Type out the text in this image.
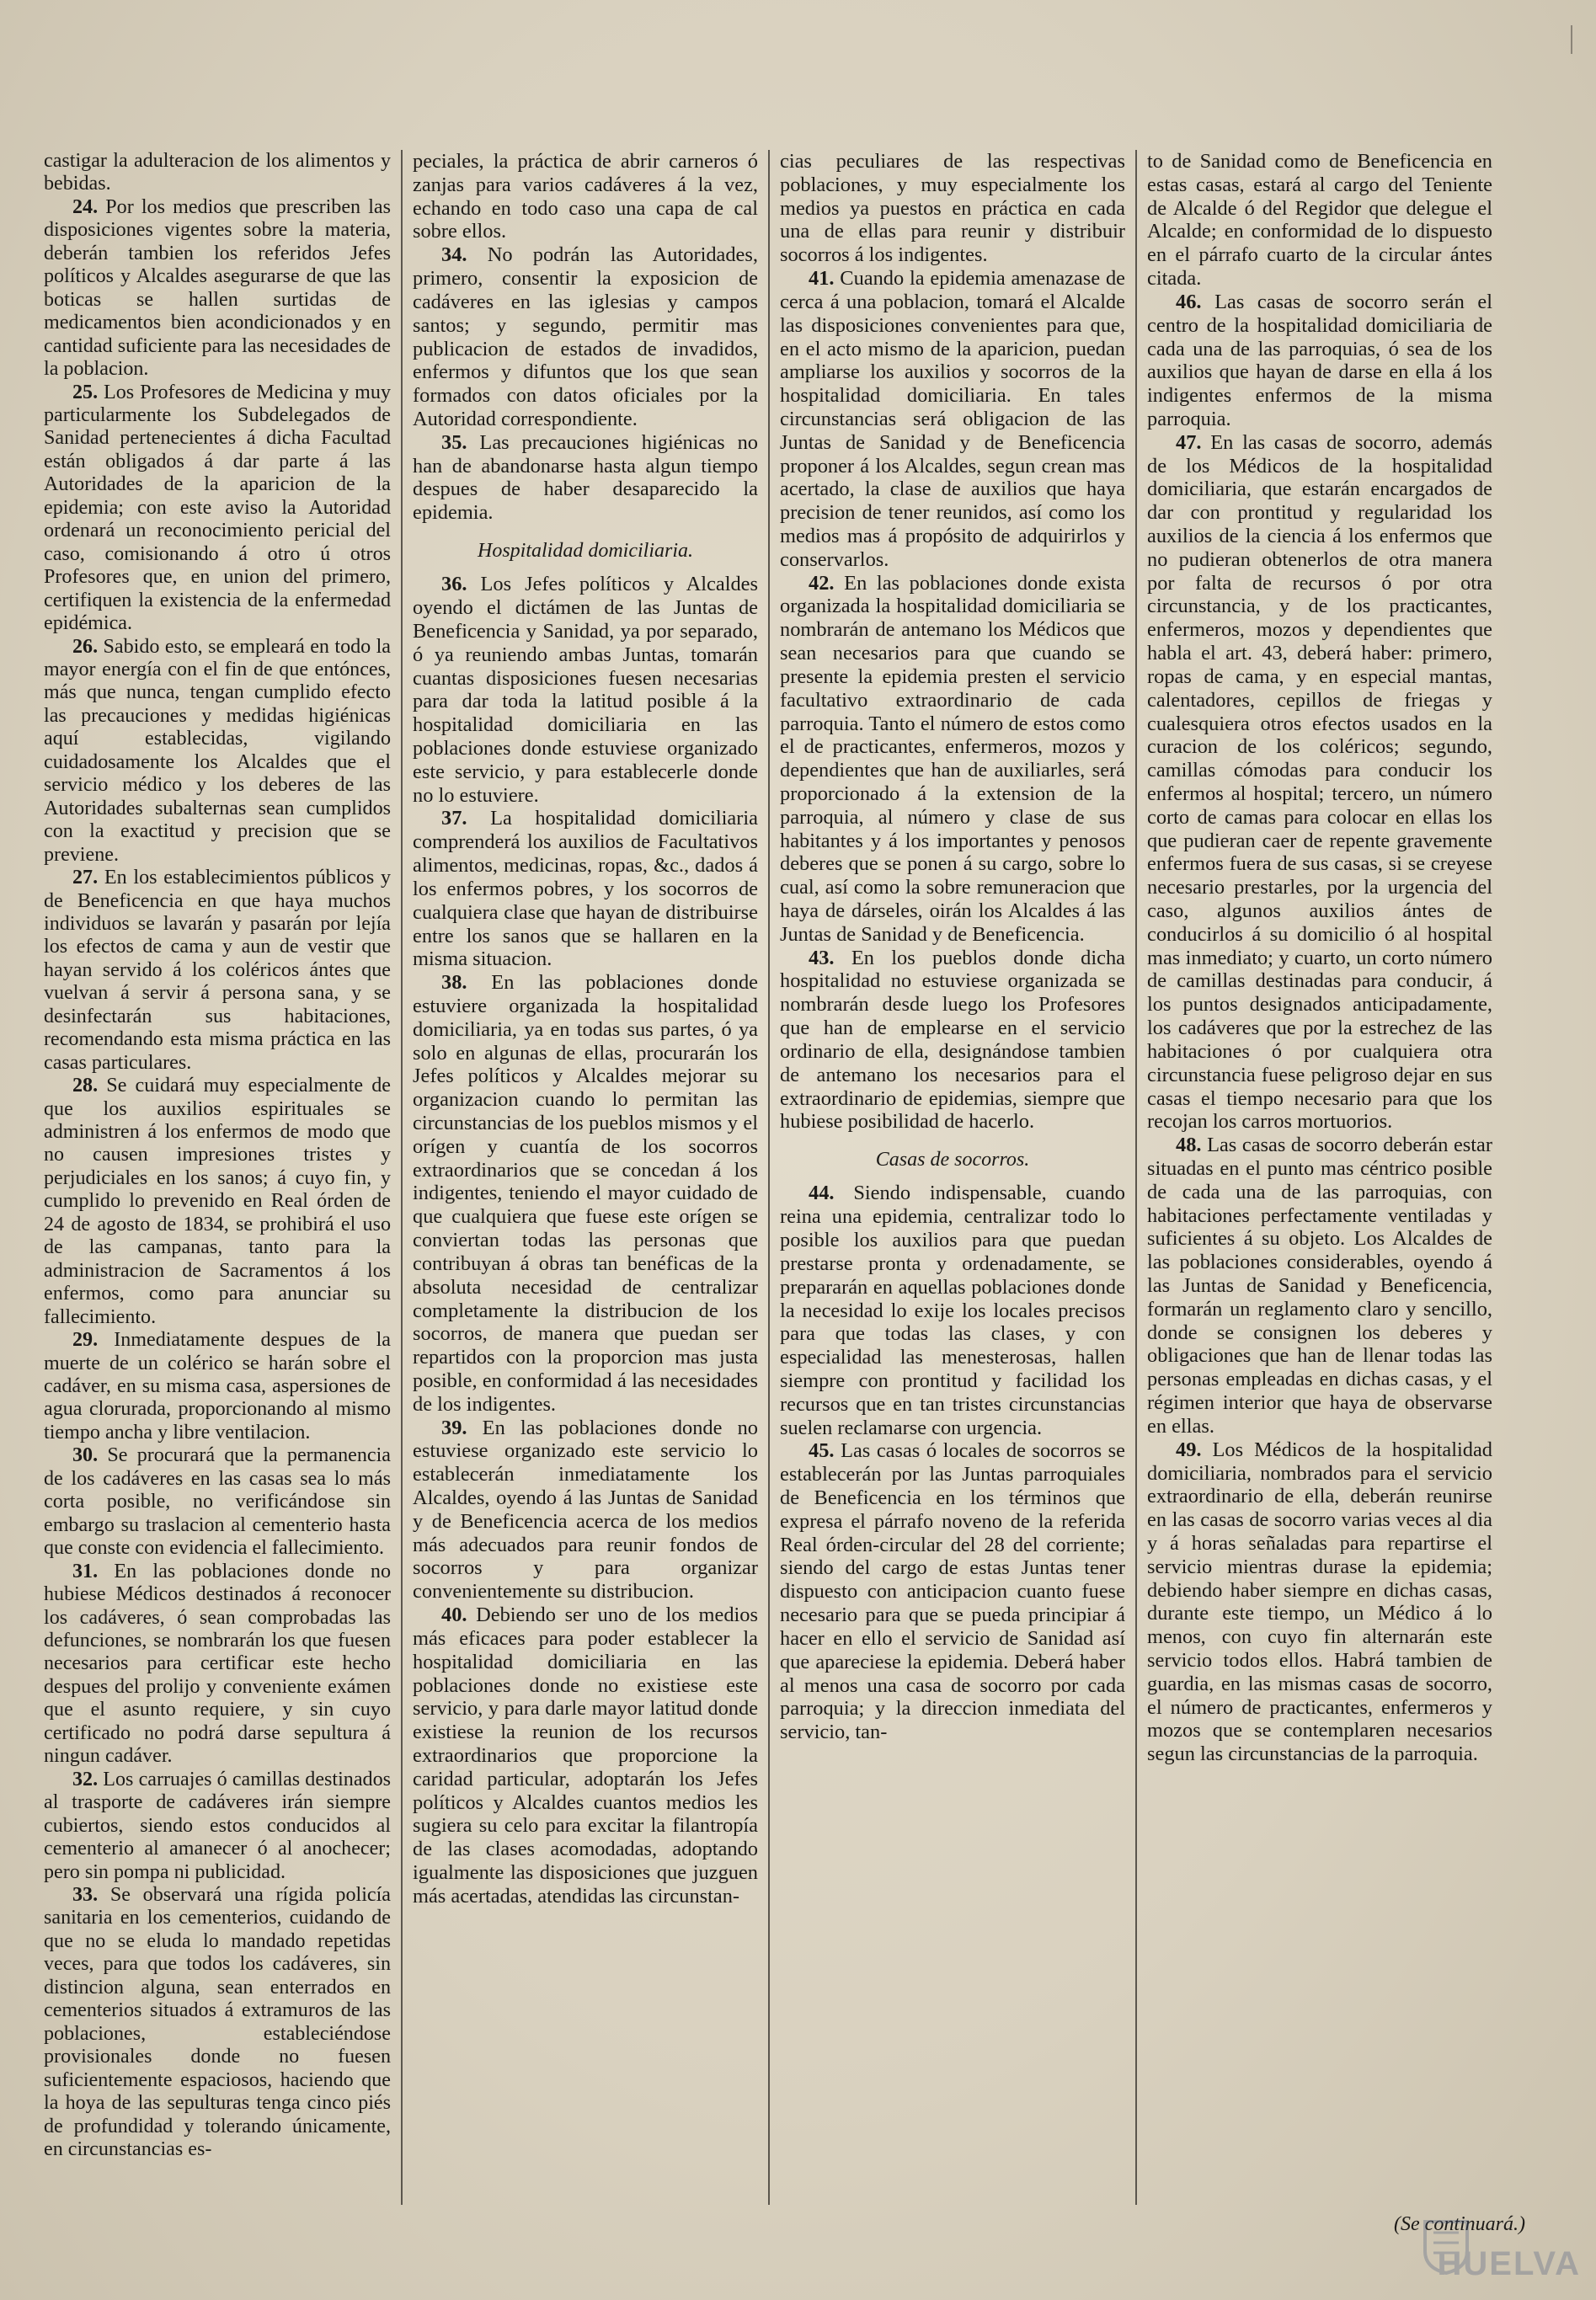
castigar la adulteracion de los alimentos y bebidas.

24. Por los medios que prescriben las disposiciones vigentes sobre la materia, deberán tambien los referidos Jefes políticos y Alcaldes asegurarse de que las boticas se hallen surtidas de medicamentos bien acondicionados y en cantidad suficiente para las necesidades de la poblacion.

25. Los Profesores de Medicina y muy particularmente los Subdelegados de Sanidad pertenecientes á dicha Facultad están obligados á dar parte á las Autoridades de la aparicion de la epidemia; con este aviso la Autoridad ordenará un reconocimiento pericial del caso, comisionando á otro ú otros Profesores que, en union del primero, certifiquen la existencia de la enfermedad epidémica.

26. Sabido esto, se empleará en todo la mayor energía con el fin de que entónces, más que nunca, tengan cumplido efecto las precauciones y medidas higiénicas aquí establecidas, vigilando cuidadosamente los Alcaldes que el servicio médico y los deberes de las Autoridades subalternas sean cumplidos con la exactitud y precision que se previene.

27. En los establecimientos públicos y de Beneficencia en que haya muchos individuos se lavarán y pasarán por lejía los efectos de cama y aun de vestir que hayan servido á los coléricos ántes que vuelvan á servir á persona sana, y se desinfectarán sus habitaciones, recomendando esta misma práctica en las casas particulares.

28. Se cuidará muy especialmente de que los auxilios espirituales se administren á los enfermos de modo que no causen impresiones tristes y perjudiciales en los sanos; á cuyo fin, y cumplido lo prevenido en Real órden de 24 de agosto de 1834, se prohibirá el uso de las campanas, tanto para la administracion de Sacramentos á los enfermos, como para anunciar su fallecimiento.

29. Inmediatamente despues de la muerte de un colérico se harán sobre el cadáver, en su misma casa, aspersiones de agua clorurada, proporcionando al mismo tiempo ancha y libre ventilacion.

30. Se procurará que la permanencia de los cadáveres en las casas sea lo más corta posible, no verificándose sin embargo su traslacion al cementerio hasta que conste con evidencia el fallecimiento.

31. En las poblaciones donde no hubiese Médicos destinados á reconocer los cadáveres, ó sean comprobadas las defunciones, se nombrarán los que fuesen necesarios para certificar este hecho despues del prolijo y conveniente exámen que el asunto requiere, y sin cuyo certificado no podrá darse sepultura á ningun cadáver.

32. Los carruajes ó camillas destinados al trasporte de cadáveres irán siempre cubiertos, siendo estos conducidos al cementerio al amanecer ó al anochecer; pero sin pompa ni publicidad.

33. Se observará una rígida policía sanitaria en los cementerios, cuidando de que no se eluda lo mandado repetidas veces, para que todos los cadáveres, sin distincion alguna, sean enterrados en cementerios situados á extramuros de las poblaciones, estableciéndose provisionales donde no fuesen suficientemente espaciosos, haciendo que la hoya de las sepulturas tenga cinco piés de profundidad y tolerando únicamente, en circunstancias es-

peciales, la práctica de abrir carneros ó zanjas para varios cadáveres á la vez, echando en todo caso una capa de cal sobre ellos.

34. No podrán las Autoridades, primero, consentir la exposicion de cadáveres en las iglesias y campos santos; y segundo, permitir mas publicacion de estados de invadidos, enfermos y difuntos que los que sean formados con datos oficiales por la Autoridad correspondiente.

35. Las precauciones higiénicas no han de abandonarse hasta algun tiempo despues de haber desaparecido la epidemia.

Hospitalidad domiciliaria.

36. Los Jefes políticos y Alcaldes oyendo el dictámen de las Juntas de Beneficencia y Sanidad, ya por separado, ó ya reuniendo ambas Juntas, tomarán cuantas disposiciones fuesen necesarias para dar toda la latitud posible á la hospitalidad domiciliaria en las poblaciones donde estuviese organizado este servicio, y para establecerle donde no lo estuviere.

37. La hospitalidad domiciliaria comprenderá los auxilios de Facultativos alimentos, medicinas, ropas, &c., dados á los enfermos pobres, y los socorros de cualquiera clase que hayan de distribuirse entre los sanos que se hallaren en la misma situacion.

38. En las poblaciones donde estuviere organizada la hospitalidad domiciliaria, ya en todas sus partes, ó ya solo en algunas de ellas, procurarán los Jefes políticos y Alcaldes mejorar su organizacion cuando lo permitan las circunstancias de los pueblos mismos y el orígen y cuantía de los socorros extraordinarios que se concedan á los indigentes, teniendo el mayor cuidado de que cualquiera que fuese este orígen se conviertan todas las personas que contribuyan á obras tan benéficas de la absoluta necesidad de centralizar completamente la distribucion de los socorros, de manera que puedan ser repartidos con la proporcion mas justa posible, en conformidad á las necesidades de los indigentes.

39. En las poblaciones donde no estuviese organizado este servicio lo establecerán inmediatamente los Alcaldes, oyendo á las Juntas de Sanidad y de Beneficencia acerca de los medios más adecuados para reunir fondos de socorros y para organizar convenientemente su distribucion.

40. Debiendo ser uno de los medios más eficaces para poder establecer la hospitalidad domiciliaria en las poblaciones donde no existiese este servicio, y para darle mayor latitud donde existiese la reunion de los recursos extraordinarios que proporcione la caridad particular, adoptarán los Jefes políticos y Alcaldes cuantos medios les sugiera su celo para excitar la filantropía de las clases acomodadas, adoptando igualmente las disposiciones que juzguen más acertadas, atendidas las circunstan-

cias peculiares de las respectivas poblaciones, y muy especialmente los medios ya puestos en práctica en cada una de ellas para reunir y distribuir socorros á los indigentes.

41. Cuando la epidemia amenazase de cerca á una poblacion, tomará el Alcalde las disposiciones convenientes para que, en el acto mismo de la aparicion, puedan ampliarse los auxilios y socorros de la hospitalidad domiciliaria. En tales circunstancias será obligacion de las Juntas de Sanidad y de Beneficencia proponer á los Alcaldes, segun crean mas acertado, la clase de auxilios que haya precision de tener reunidos, así como los medios mas á propósito de adquirirlos y conservarlos.

42. En las poblaciones donde exista organizada la hospitalidad domiciliaria se nombrarán de antemano los Médicos que sean necesarios para que cuando se presente la epidemia presten el servicio facultativo extraordinario de cada parroquia. Tanto el número de estos como el de practicantes, enfermeros, mozos y dependientes que han de auxiliarles, será proporcionado á la extension de la parroquia, al número y clase de sus habitantes y á los importantes y penosos deberes que se ponen á su cargo, sobre lo cual, así como la sobre remuneracion que haya de dárseles, oirán los Alcaldes á las Juntas de Sanidad y de Beneficencia.

43. En los pueblos donde dicha hospitalidad no estuviese organizada se nombrarán desde luego los Profesores que han de emplearse en el servicio ordinario de ella, designándose tambien de antemano los necesarios para el extraordinario de epidemias, siempre que hubiese posibilidad de hacerlo.

Casas de socorros.

44. Siendo indispensable, cuando reina una epidemia, centralizar todo lo posible los auxilios para que puedan prestarse pronta y ordenadamente, se prepararán en aquellas poblaciones donde la necesidad lo exije los locales precisos para que todas las clases, y con especialidad las menesterosas, hallen siempre con prontitud y facilidad los recursos que en tan tristes circunstancias suelen reclamarse con urgencia.

45. Las casas ó locales de socorros se establecerán por las Juntas parroquiales de Beneficencia en los términos que expresa el párrafo noveno de la referida Real órden-circular del 28 del corriente; siendo del cargo de estas Juntas tener dispuesto con anticipacion cuanto fuese necesario para que se pueda principiar á hacer en ello el servicio de Sanidad así que apareciese la epidemia. Deberá haber al menos una casa de socorro por cada parroquia; y la direccion inmediata del servicio, tan-

to de Sanidad como de Beneficencia en estas casas, estará al cargo del Teniente de Alcalde ó del Regidor que delegue el Alcalde; en conformidad de lo dispuesto en el párrafo cuarto de la circular ántes citada.

46. Las casas de socorro serán el centro de la hospitalidad domiciliaria de cada una de las parroquias, ó sea de los auxilios que hayan de darse en ella á los indigentes enfermos de la misma parroquia.

47. En las casas de socorro, además de los Médicos de la hospitalidad domiciliaria, que estarán encargados de dar con prontitud y regularidad los auxilios de la ciencia á los enfermos que no pudieran obtenerlos de otra manera por falta de recursos ó por otra circunstancia, y de los practicantes, enfermeros, mozos y dependientes que habla el art. 43, deberá haber: primero, ropas de cama, y en especial mantas, calentadores, cepillos de friegas y cualesquiera otros efectos usados en la curacion de los coléricos; segundo, camillas cómodas para conducir los enfermos al hospital; tercero, un número corto de camas para colocar en ellas los que pudieran caer de repente gravemente enfermos fuera de sus casas, si se creyese necesario prestarles, por la urgencia del caso, algunos auxilios ántes de conducirlos á su domicilio ó al hospital mas inmediato; y cuarto, un corto número de camillas destinadas para conducir, á los puntos designados anticipadamente, los cadáveres que por la estrechez de las habitaciones ó por cualquiera otra circunstancia fuese peligroso dejar en sus casas el tiempo necesario para que los recojan los carros mortuorios.

48. Las casas de socorro deberán estar situadas en el punto mas céntrico posible de cada una de las parroquias, con habitaciones perfectamente ventiladas y suficientes á su objeto. Los Alcaldes de las poblaciones considerables, oyendo á las Juntas de Sanidad y Beneficencia, formarán un reglamento claro y sencillo, donde se consignen los deberes y obligaciones que han de llenar todas las personas empleadas en dichas casas, y el régimen interior que haya de observarse en ellas.

49. Los Médicos de la hospitalidad domiciliaria, nombrados para el servicio extraordinario de ella, deberán reunirse en las casas de socorro varias veces al dia y á horas señaladas para repartirse el servicio mientras durase la epidemia; debiendo haber siempre en dichas casas, durante este tiempo, un Médico á lo menos, con cuyo fin alternarán este servicio todos ellos. Habrá tambien de guardia, en las mismas casas de socorro, el número de practicantes, enfermeros y mozos que se contemplaren necesarios segun las circunstancias de la parroquia.

(Se continuará.)
HUELVA
